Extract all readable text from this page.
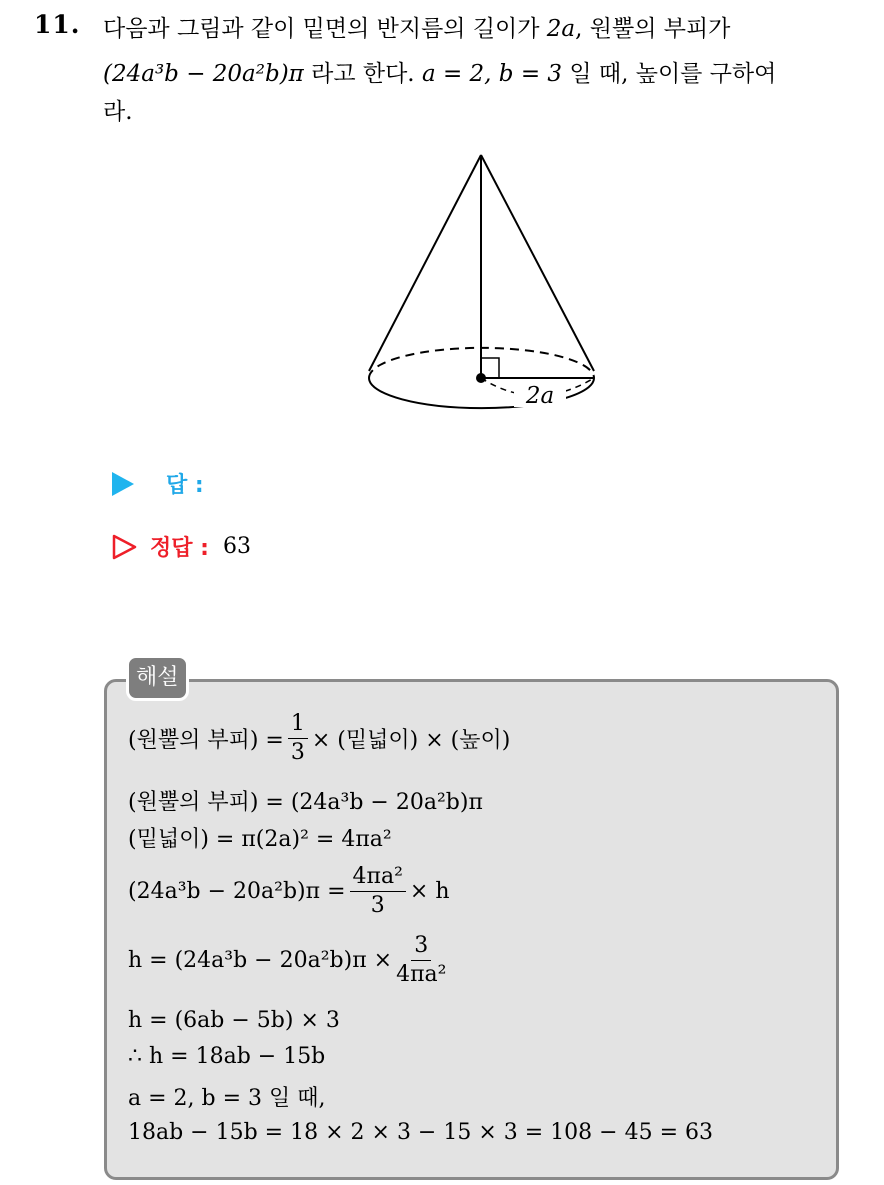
11. 다음과 그림과 같이 밑면의 반지름의 길이가 2a, 원뿔의 부피가
(24a³b − 20a²b)π 라고 한다. a = 2, b = 3 일 때, 높이를 구하여
라.
2a
답 :
정답 : 63
해설
(원뿔의 부피) = $\frac{1}{3}$ × (밑넓이) × (높이)
(원뿔의 부피) = (24a³b − 20a²b)π
(밑넓이) = π(2a)² = 4πa²
$(24a^3b - 20a^2b)\pi = \frac{\text{4πa²}}{3} \times h$
$h = (24a^3b - 20a^2b)\pi \times \frac{3}{\text{4πa²}}$
h = (6ab − 5b) × 3
∴ h = 18ab − 15b
a = 2, b = 3 일 때,
18ab − 15b = 18 × 2 × 3 − 15 × 3 = 108 − 45 = 63
